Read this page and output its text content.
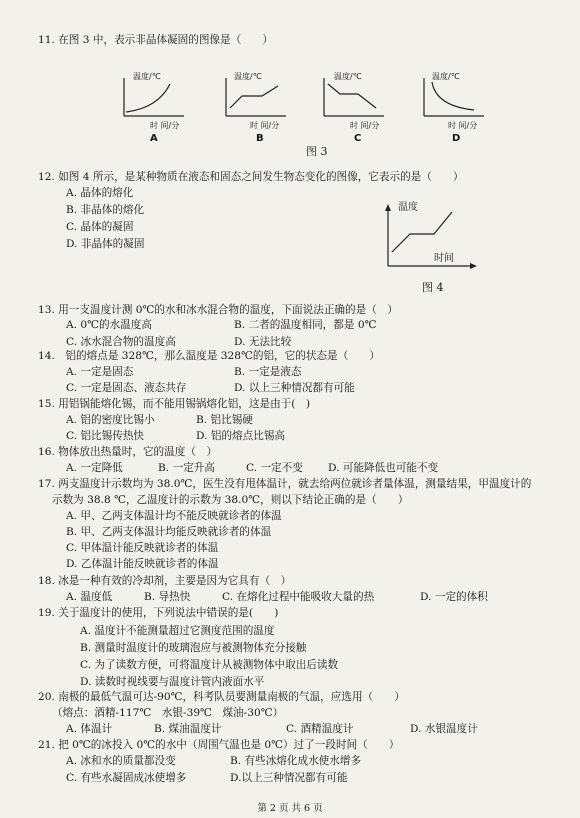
11. 在图 3 中，表示非晶体凝固的图像是（　　）
温度/℃
时 间/分
A
温度/℃
时 间/分
B
温度/℃
时 间/分
C
温度/℃
时 间/分
D
图 3
12. 如图 4 所示，是某种物质在液态和固态之间发生物态变化的图像，它表示的是（　　）
A. 晶体的熔化
B. 非晶体的熔化
C. 晶体的凝固
D. 非晶体的凝固
温度
时间
图 4
13. 用一支温度计测 0℃的水和冰水混合物的温度，下面说法正确的是（　）
A. 0℃的水温度高	B. 二者的温度相同，都是 0℃
C. 冰水混合物的温度高	D. 无法比较
14.　铝的熔点是 328℃，那么温度是 328℃的铝，它的状态是（　　）
A. 一定是固态	B. 一定是液态
C. 一定是固态、液态共存	D. 以上三种情况都有可能
15. 用铝锅能熔化锡，而不能用锡锅熔化铝，这是由于(　)
A. 铝的密度比锡小	B. 铝比锡硬
C. 铝比锡传热快	D. 铝的熔点比锡高
16. 物体放出热量时，它的温度（　）
A. 一定降低	B. 一定升高	C. 一定不变 D. 可能降低也可能不变
17. 两支温度计示数均为 38.0℃，医生没有甩体温计，就去给两位就诊者量体温，测量结果，甲温度计的
示数为 38.8 ℃，乙温度计的示数为 38.0℃，则以下结论正确的是（　　）
A. 甲、乙两支体温计均不能反映就诊者的体温
B. 甲、乙两支体温计均能反映就诊者的体温
C. 甲体温计能反映就诊者的体温
D. 乙体温计能反映就诊者的体温
18. 冰是一种有效的冷却剂，主要是因为它具有（　）
A. 温度低	B. 导热快	C. 在熔化过程中能吸收大量的热	D. 一定的体积
19. 关于温度计的使用，下列说法中错误的是(　　)
A. 温度计不能测量超过它测度范围的温度
B. 测量时温度计的玻璃泡应与被测物体充分接触
C. 为了读数方便，可将温度计从被测物体中取出后读数
D. 读数时视线要与温度计管内液面水平
20. 南极的最低气温可达-90℃，科考队员要测量南极的气温，应选用（　　）
（熔点：酒精-117℃　水银-39℃　煤油-30℃）
A. 体温计	B. 煤油温度计	C. 酒精温度计	D. 水银温度计
21. 把 0℃的冰投入 0℃的水中（周围气温也是 0℃）过了一段时间（　　）
A. 冰和水的质量都没变	B. 有些冰熔化成水使水增多
C. 有些水凝固成冰使增多	D.以上三种情况都有可能
第 2 页 共 6 页
